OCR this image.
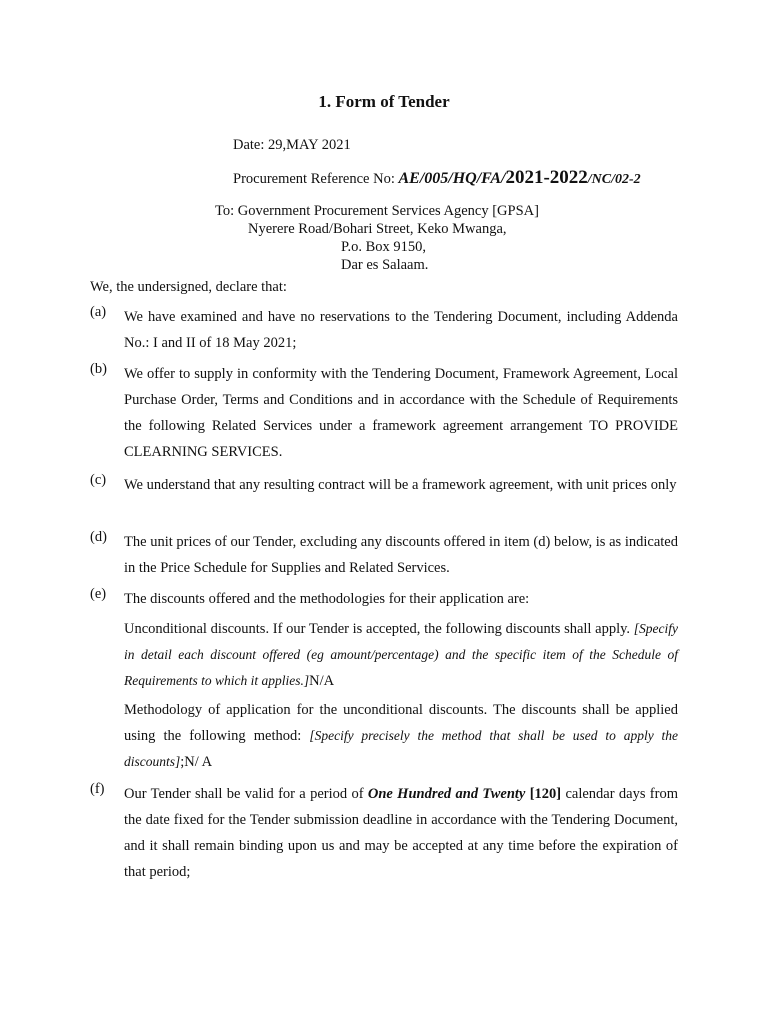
1. Form of Tender
Date: 29,MAY 2021
Procurement Reference No: AE/005/HQ/FA/2021-2022/NC/02-2
To: Government Procurement Services Agency [GPSA]
Nyerere Road/Bohari Street, Keko Mwanga,
P.o. Box 9150,
Dar es Salaam.
We, the undersigned, declare that:
(a)	We have examined and have no reservations to the Tendering Document, including Addenda No.: I and II of 18 May 2021;
(b)	We offer to supply in conformity with the Tendering Document, Framework Agreement, Local Purchase Order, Terms and Conditions and in accordance with the Schedule of Requirements the following Related Services under a framework agreement arrangement TO PROVIDE CLEARNING SERVICES.
(c)	We understand that any resulting contract will be a framework agreement, with unit prices only
(d)	The unit prices of our Tender, excluding any discounts offered in item (d) below, is as indicated in the Price Schedule for Supplies and Related Services.
(e)	The discounts offered and the methodologies for their application are:
Unconditional discounts. If our Tender is accepted, the following discounts shall apply. [Specify in detail each discount offered (eg amount/percentage) and the specific item of the Schedule of Requirements to which it applies.]N/A
Methodology of application for the unconditional discounts. The discounts shall be applied using the following method: [Specify precisely the method that shall be used to apply the discounts];N/ A
(f)	Our Tender shall be valid for a period of One Hundred and Twenty [120] calendar days from the date fixed for the Tender submission deadline in accordance with the Tendering Document, and it shall remain binding upon us and may be accepted at any time before the expiration of that period;
